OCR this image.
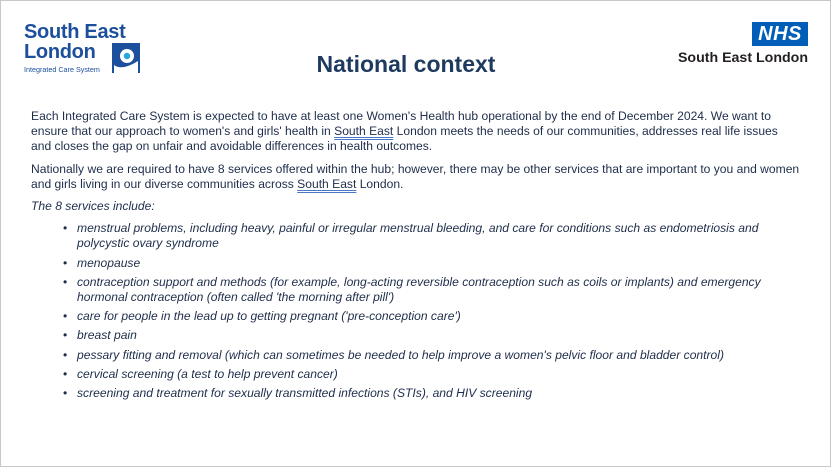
South East
London
Integrated Care System	National context
NHS
South East London

Each Integrated Care System is expected to have at least one Women's Health hub operational by the end of December 2024. We want to ensure that our approach to women's and girls' health in South East London meets the needs of our communities, addresses real life issues and closes the gap on unfair and avoidable differences in health outcomes.

Nationally we are required to have 8 services offered within the hub; however, there may be other services that are important to you and women and girls living in our diverse communities across South East London.

The 8 services include:

• menstrual problems, including heavy, painful or irregular menstrual bleeding, and care for conditions such as endometriosis and polycystic ovary syndrome
• menopause
• contraception support and methods (for example, long-acting reversible contraception such as coils or implants) and emergency hormonal contraception (often called 'the morning after pill')
• care for people in the lead up to getting pregnant ('pre-conception care')
• breast pain
• pessary fitting and removal (which can sometimes be needed to help improve a women's pelvic floor and bladder control)
• cervical screening (a test to help prevent cancer)
• screening and treatment for sexually transmitted infections (STIs), and HIV screening
